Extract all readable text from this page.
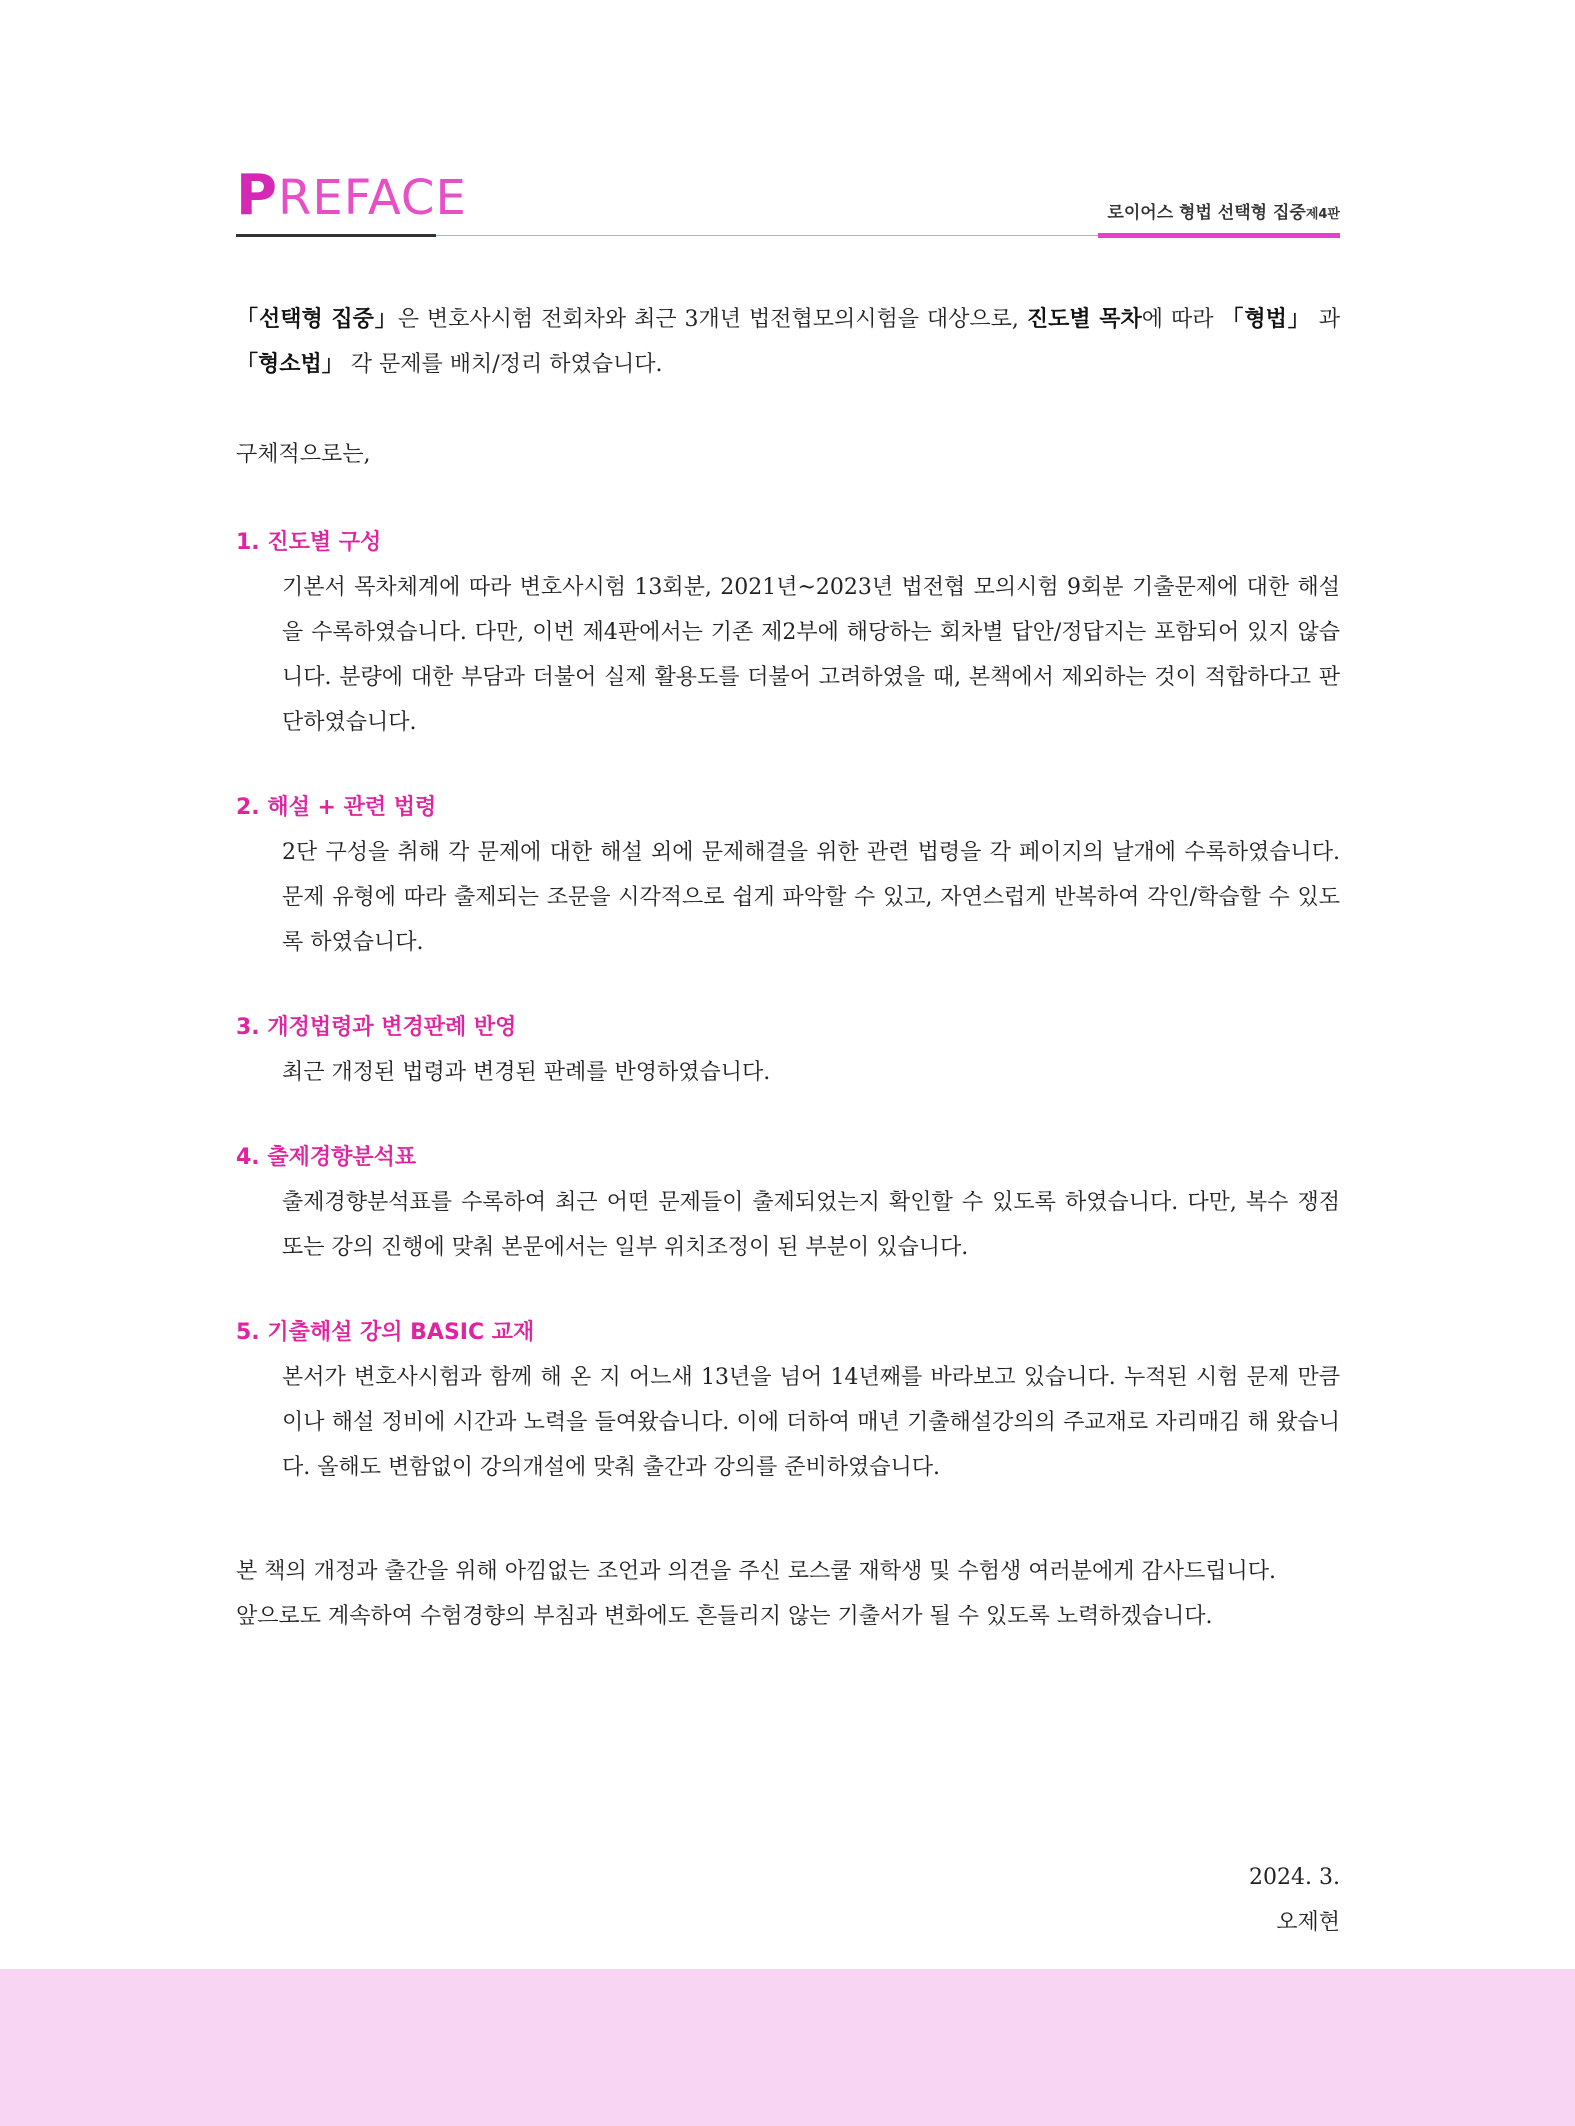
PREFACE	로이어스 형법 선택형 집중제4판

「선택형 집중」은 변호사시험 전회차와 최근 3개년 법전협모의시험을 대상으로, 진도별 목차에 따라 「형법」 과 「형소법」 각 문제를 배치/정리 하였습니다.

구체적으로는,

1. 진도별 구성

기본서 목차체계에 따라 변호사시험 13회분, 2021년~2023년 법전협 모의시험 9회분 기출문제에 대한 해설을 수록하였습니다. 다만, 이번 제4판에서는 기존 제2부에 해당하는 회차별 답안/정답지는 포함되어 있지 않습니다. 분량에 대한 부담과 더불어 실제 활용도를 더불어 고려하였을 때, 본책에서 제외하는 것이 적합하다고 판단하였습니다.

2. 해설 + 관련 법령

2단 구성을 취해 각 문제에 대한 해설 외에 문제해결을 위한 관련 법령을 각 페이지의 날개에 수록하였습니다. 문제 유형에 따라 출제되는 조문을 시각적으로 쉽게 파악할 수 있고, 자연스럽게 반복하여 각인/학습할 수 있도록 하였습니다.

3. 개정법령과 변경판례 반영

최근 개정된 법령과 변경된 판례를 반영하였습니다.

4. 출제경향분석표

출제경향분석표를 수록하여 최근 어떤 문제들이 출제되었는지 확인할 수 있도록 하였습니다. 다만, 복수 쟁점 또는 강의 진행에 맞춰 본문에서는 일부 위치조정이 된 부분이 있습니다.

5. 기출해설 강의 BASIC 교재

본서가 변호사시험과 함께 해 온 지 어느새 13년을 넘어 14년째를 바라보고 있습니다. 누적된 시험 문제 만큼이나 해설 정비에 시간과 노력을 들여왔습니다. 이에 더하여 매년 기출해설강의의 주교재로 자리매김 해 왔습니다. 올해도 변함없이 강의개설에 맞춰 출간과 강의를 준비하였습니다.

본 책의 개정과 출간을 위해 아낌없는 조언과 의견을 주신 로스쿨 재학생 및 수험생 여러분에게 감사드립니다.

앞으로도 계속하여 수험경향의 부침과 변화에도 흔들리지 않는 기출서가 될 수 있도록 노력하겠습니다.

2024. 3.
오제현
